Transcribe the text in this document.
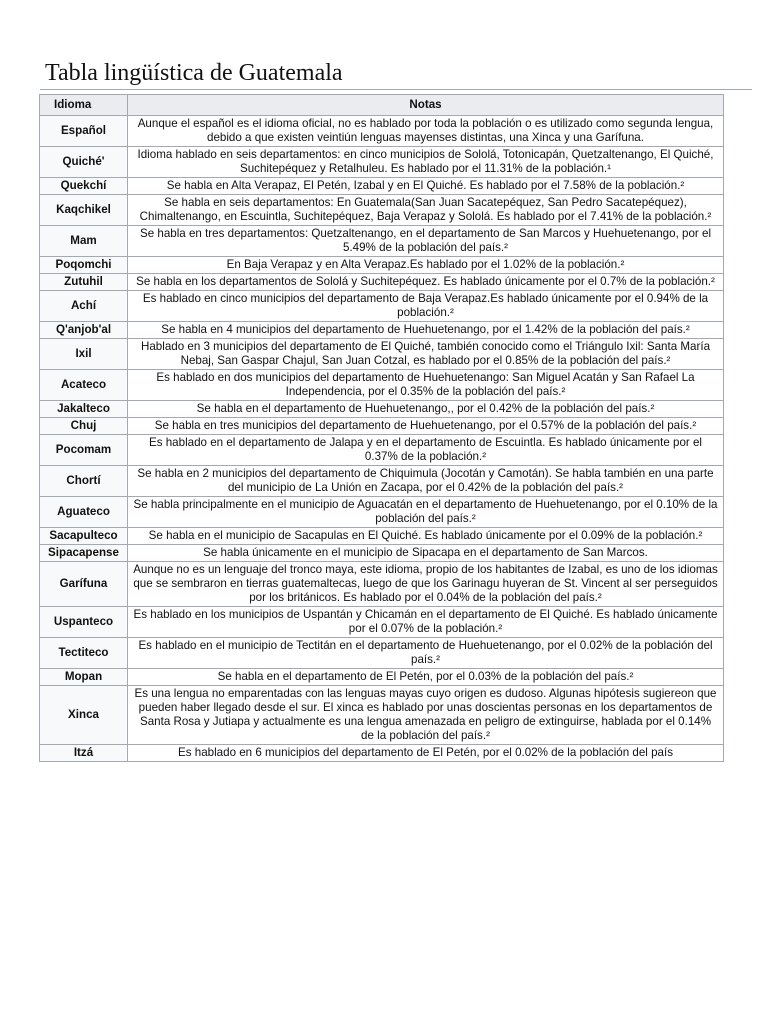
Tabla lingüística de Guatemala
Idioma	Notas
Español	Aunque el español es el idioma oficial, no es hablado por toda la población o es utilizado como segunda lengua, debido a que existen veintiún lenguas mayenses distintas, una Xinca y una Garífuna.
Quiché'	Idioma hablado en seis departamentos: en cinco municipios de Sololá, Totonicapán, Quetzaltenango, El Quiché, Suchitepéquez y Retalhuleu. Es hablado por el 11.31% de la población.¹
Quekchí	Se habla en Alta Verapaz, El Petén, Izabal y en El Quiché. Es hablado por el 7.58% de la población.²
Kaqchikel	Se habla en seis departamentos: En Guatemala(San Juan Sacatepéquez, San Pedro Sacatepéquez), Chimaltenango, en Escuintla, Suchitepéquez, Baja Verapaz y Sololá. Es hablado por el 7.41% de la población.²
Mam	Se habla en tres departamentos: Quetzaltenango, en el departamento de San Marcos y Huehuetenango, por el 5.49% de la población del país.²
Poqomchi	En Baja Verapaz y en Alta Verapaz.Es hablado por el 1.02% de la población.²
Zutuhil	Se habla en los departamentos de Sololá y Suchitepéquez. Es hablado únicamente por el 0.7% de la población.²
Achí	Es hablado en cinco municipios del departamento de Baja Verapaz.Es hablado únicamente por el 0.94% de la población.²
Q'anjob'al	Se habla en 4 municipios del departamento de Huehuetenango, por el 1.42% de la población del país.²
Ixil	Hablado en 3 municipios del departamento de El Quiché, también conocido como el Triángulo Ixil: Santa María Nebaj, San Gaspar Chajul, San Juan Cotzal, es hablado por el 0.85% de la población del país.²
Acateco	Es hablado en dos municipios del departamento de Huehuetenango: San Miguel Acatán y San Rafael La Independencia, por el 0.35% de la población del país.²
Jakalteco	Se habla en el departamento de Huehuetenango,, por el 0.42% de la población del país.²
Chuj	Se habla en tres municipios del departamento de Huehuetenango, por el 0.57% de la población del país.²
Pocomam	Es hablado en el departamento de Jalapa y en el departamento de Escuintla. Es hablado únicamente por el 0.37% de la población.²
Chortí	Se habla en 2 municipios del departamento de Chiquimula (Jocotán y Camotán). Se habla también en una parte del municipio de La Unión en Zacapa, por el 0.42% de la población del país.²
Aguateco	Se habla principalmente en el municipio de Aguacatán en el departamento de Huehuetenango, por el 0.10% de la población del país.²
Sacapulteco	Se habla en el municipio de Sacapulas en El Quiché. Es hablado únicamente por el 0.09% de la población.²
Sipacapense	Se habla únicamente en el municipio de Sipacapa en el departamento de San Marcos.
Garífuna	Aunque no es un lenguaje del tronco maya, este idioma, propio de los habitantes de Izabal, es uno de los idiomas que se sembraron en tierras guatemaltecas, luego de que los Garinagu huyeran de St. Vincent al ser perseguidos por los británicos. Es hablado por el 0.04% de la población del país.²
Uspanteco	Es hablado en los municipios de Uspantán y Chicamán en el departamento de El Quiché. Es hablado únicamente por el 0.07% de la población.²
Tectiteco	Es hablado en el municipio de Tectitán en el departamento de Huehuetenango, por el 0.02% de la población del país.²
Mopan	Se habla en el departamento de El Petén, por el 0.03% de la población del país.²
Xinca	Es una lengua no emparentadas con las lenguas mayas cuyo origen es dudoso. Algunas hipótesis sugiereon que pueden haber llegado desde el sur. El xinca es hablado por unas doscientas personas en los departamentos de Santa Rosa y Jutiapa y actualmente es una lengua amenazada en peligro de extinguirse, hablada por el 0.14% de la población del país.²
Itzá	Es hablado en 6 municipios del departamento de El Petén, por el 0.02% de la población del país
